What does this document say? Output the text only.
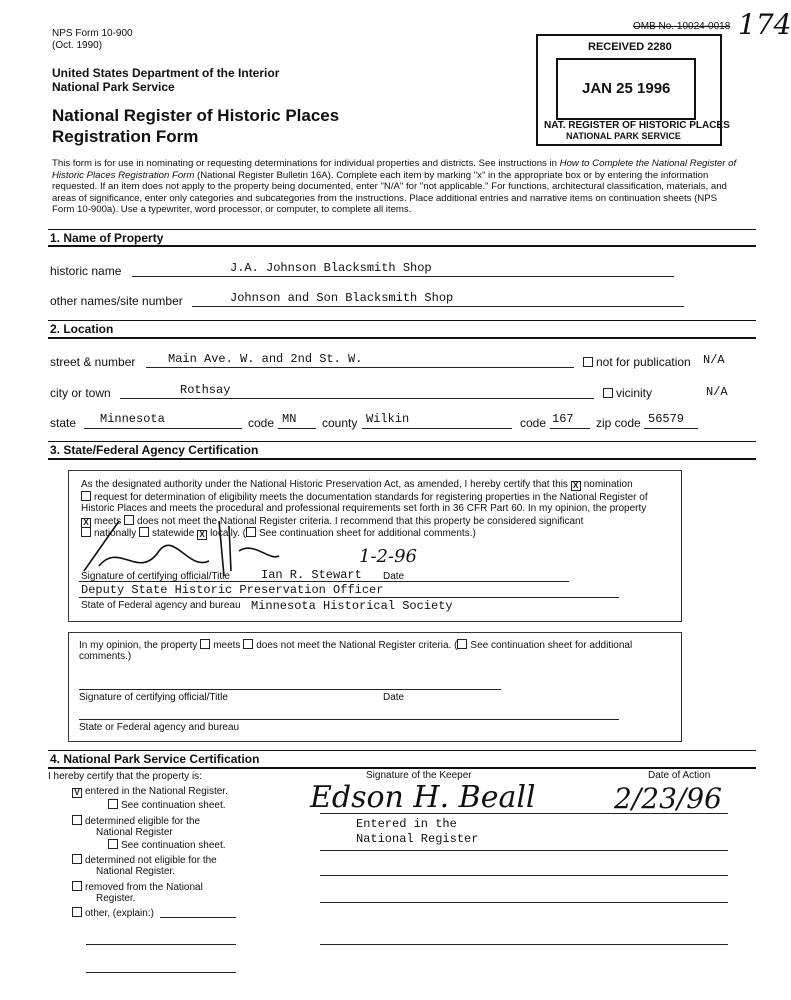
NPS Form 10-900
(Oct. 1990)
OMB No. 10024-0018 174
United States Department of the Interior
National Park Service
National Register of Historic Places
Registration Form
RECEIVED 2280
JAN 25 1996
NAT. REGISTER OF HISTORIC PLACES
NATIONAL PARK SERVICE
This form is for use in nominating or requesting determinations for individual properties and districts. See instructions in How to Complete the National Register of Historic Places Registration Form (National Register Bulletin 16A). Complete each item by marking "x" in the appropriate box or by entering the information requested. If an item does not apply to the property being documented, enter "N/A" for "not applicable." For functions, architectural classification, materials, and areas of significance, enter only categories and subcategories from the instructions. Place additional entries and narrative items on continuation sheets (NPS Form 10-900a). Use a typewriter, word processor, or computer, to complete all items.
1. Name of Property
historic name	J.A. Johnson Blacksmith Shop
other names/site number	Johnson and Son Blacksmith Shop
2. Location
street & number	Main Ave. W. and 2nd St. W.	not for publication N/A
city or town	Rothsay	vicinity	N/A
state Minnesota	code MN county Wilkin	code 167 zip code 56579
3. State/Federal Agency Certification
As the designated authority under the National Historic Preservation Act, as amended, I hereby certify that this X nomination
request for determination of eligibility meets the documentation standards for registering properties in the National Register of
Historic Places and meets the procedural and professional requirements set forth in 36 CFR Part 60. In my opinion, the property
X meets does not meet the National Register criteria. I recommend that this property be considered significant
nationally statewide X locally. ( See continuation sheet for additional comments.)
1-2-96
Signature of certifying official/Title	Ian R. Stewart Date
Deputy State Historic Preservation Officer
State of Federal agency and bureau Minnesota Historical Society
In my opinion, the property meets does not meet the National Register criteria. ( See continuation sheet for additional
comments.)
Signature of certifying official/Title	Date
State or Federal agency and bureau
4. National Park Service Certification
I hereby certify that the property is:
V entered in the National Register.
See continuation sheet.
determined eligible for the
National Register
See continuation sheet.
determined not eligible for the
National Register.
removed from the National
Register.
other, (explain:)
Signature of the Keeper	Date of Action
Edson H. Beall	2/23/96
Entered in the
National Register
